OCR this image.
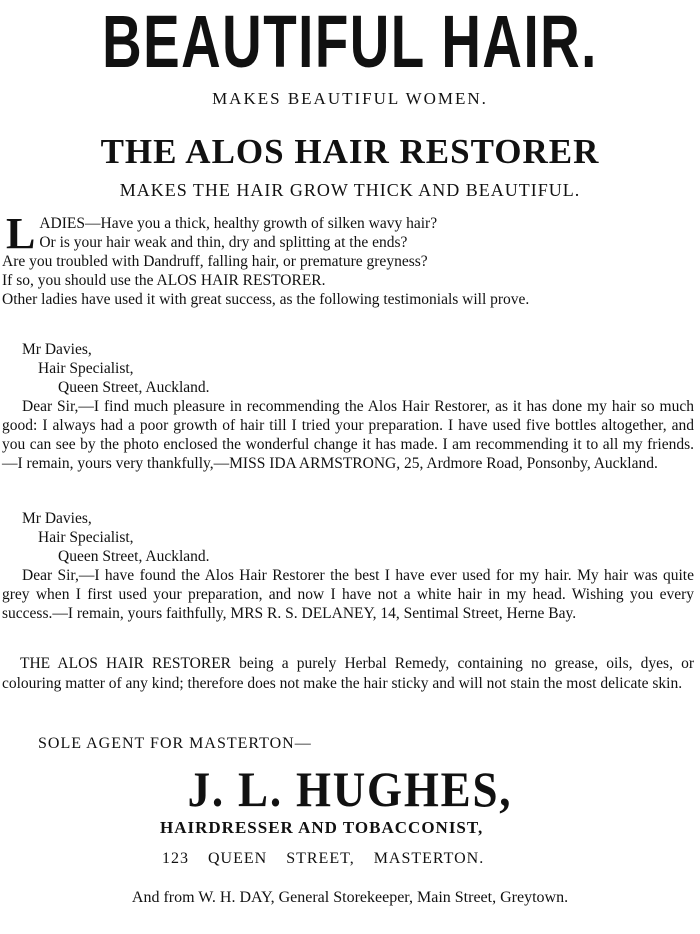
BEAUTIFUL HAIR.
MAKES BEAUTIFUL WOMEN.
THE ALOS HAIR RESTORER
MAKES THE HAIR GROW THICK AND BEAUTIFUL.
L ADIES—Have you a thick, healthy growth of silken wavy hair?
Or is your hair weak and thin, dry and splitting at the ends?
Are you troubled with Dandruff, falling hair, or premature greyness?
If so, you should use the ALOS HAIR RESTORER.
Other ladies have used it with great success, as the following testimonials will prove.
Mr Davies,
Hair Specialist,
Queen Street, Auckland.
Dear Sir,—I find much pleasure in recommending the Alos Hair Restorer, as it has done my hair so much good: I always had a poor growth of hair till I tried your preparation. I have used five bottles altogether, and you can see by the photo enclosed the wonderful change it has made. I am recommending it to all my friends.—I remain, yours very thankfully,—MISS IDA ARMSTRONG, 25, Ardmore Road, Ponsonby, Auckland.
Mr Davies,
Hair Specialist,
Queen Street, Auckland.
Dear Sir,—I have found the Alos Hair Restorer the best I have ever used for my hair. My hair was quite grey when I first used your preparation, and now I have not a white hair in my head. Wishing you every success.—I remain, yours faithfully, MRS R. S. DELANEY, 14, Sentimal Street, Herne Bay.
THE ALOS HAIR RESTORER being a purely Herbal Remedy, containing no grease, oils, dyes, or colouring matter of any kind; therefore does not make the hair sticky and will not stain the most delicate skin.
SOLE AGENT FOR MASTERTON—
J. L. HUGHES,
HAIRDRESSER AND TOBACCONIST,
123 QUEEN STREET, MASTERTON.
And from W. H. DAY, General Storekeeper, Main Street, Greytown.
